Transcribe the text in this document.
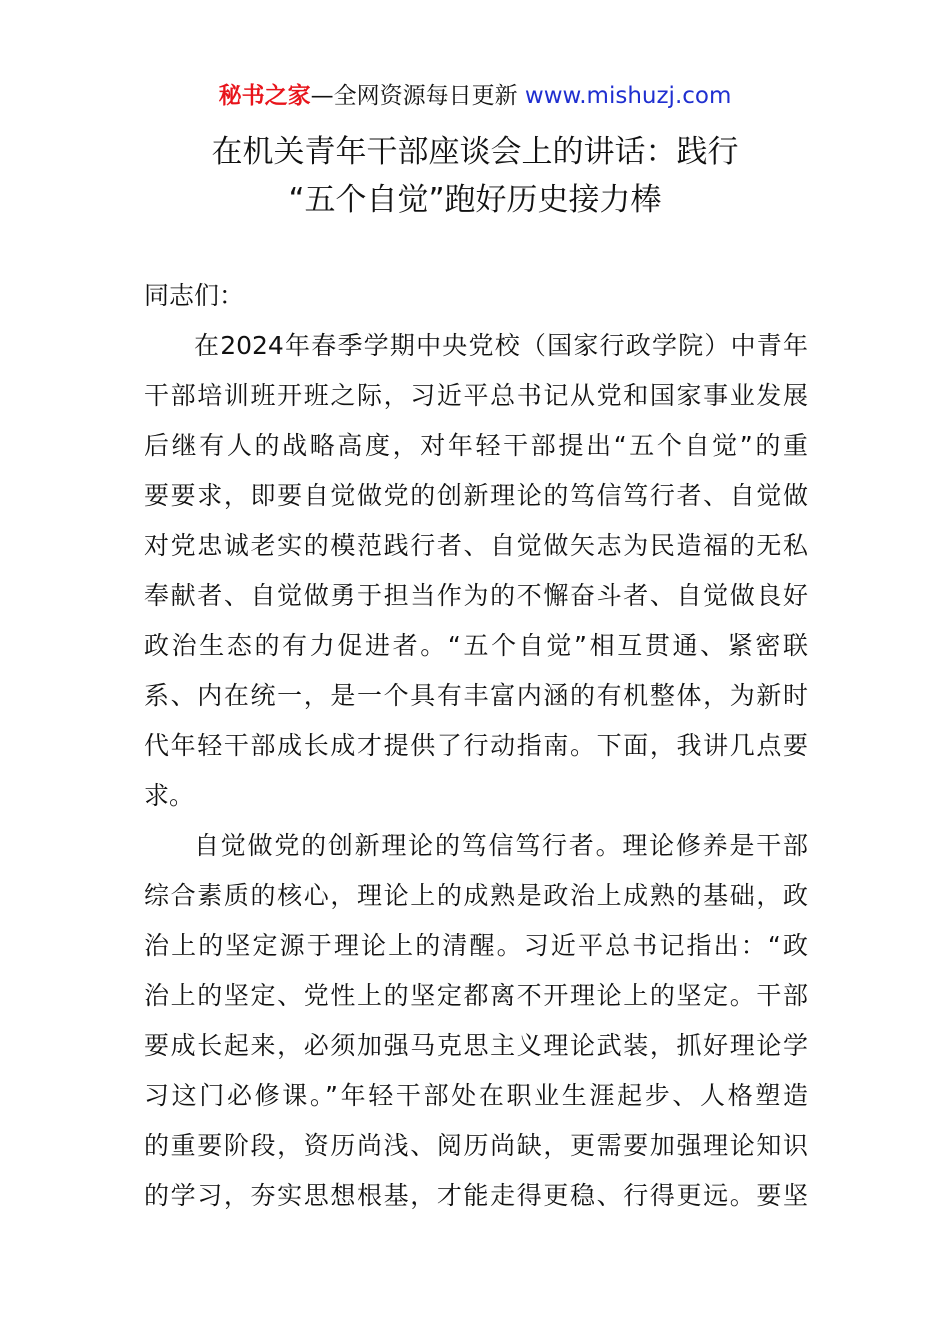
秘书之家—全网资源每日更新 www.mishuzj.com
在机关青年干部座谈会上的讲话：践行
“五个自觉”跑好历史接力棒
同志们：
在2024年春季学期中央党校（国家行政学院）中青年
干部培训班开班之际，习近平总书记从党和国家事业发展
后继有人的战略高度，对年轻干部提出“五个自觉”的重
要要求，即要自觉做党的创新理论的笃信笃行者、自觉做
对党忠诚老实的模范践行者、自觉做矢志为民造福的无私
奉献者、自觉做勇于担当作为的不懈奋斗者、自觉做良好
政治生态的有力促进者。“五个自觉”相互贯通、紧密联
系、内在统一，是一个具有丰富内涵的有机整体，为新时
代年轻干部成长成才提供了行动指南。下面，我讲几点要
求。
自觉做党的创新理论的笃信笃行者。理论修养是干部
综合素质的核心，理论上的成熟是政治上成熟的基础，政
治上的坚定源于理论上的清醒。习近平总书记指出：“政
治上的坚定、党性上的坚定都离不开理论上的坚定。干部
要成长起来，必须加强马克思主义理论武装，抓好理论学
习这门必修课。”年轻干部处在职业生涯起步、人格塑造
的重要阶段，资历尚浅、阅历尚缺，更需要加强理论知识
的学习，夯实思想根基，才能走得更稳、行得更远。要坚
